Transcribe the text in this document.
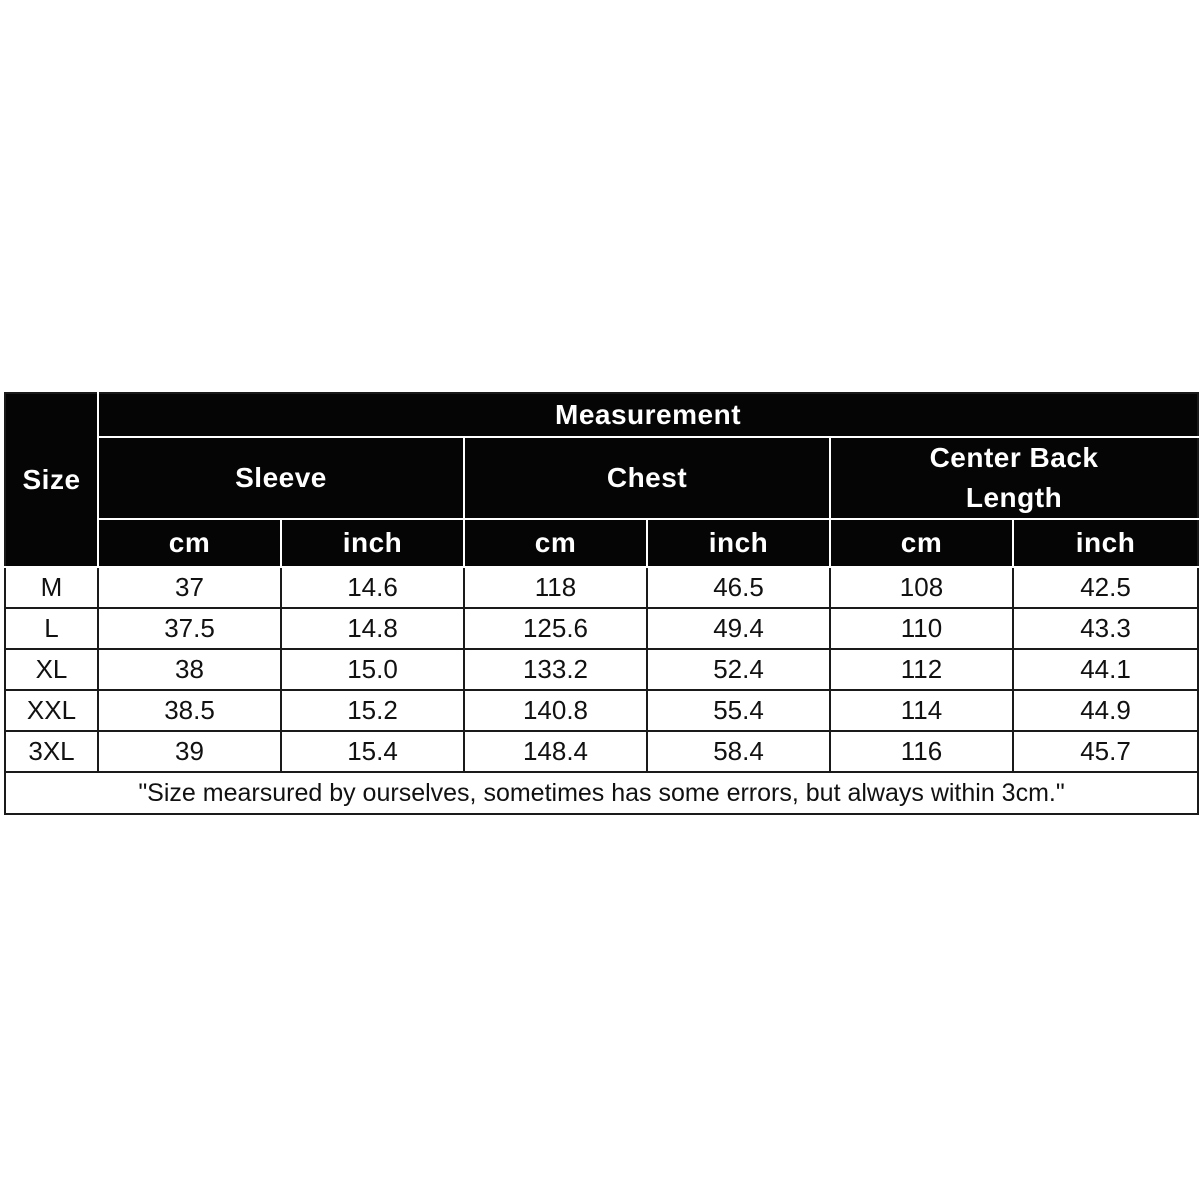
Size	Measurement					
	Sleeve		Chest		Center Back Length	
	cm	inch	cm	inch	cm	inch
M	37	14.6	118	46.5	108	42.5
L	37.5	14.8	125.6	49.4	110	43.3
XL	38	15.0	133.2	52.4	112	44.1
XXL	38.5	15.2	140.8	55.4	114	44.9
3XL	39	15.4	148.4	58.4	116	45.7
"Size mearsured by ourselves, sometimes has some errors, but always within 3cm."						
